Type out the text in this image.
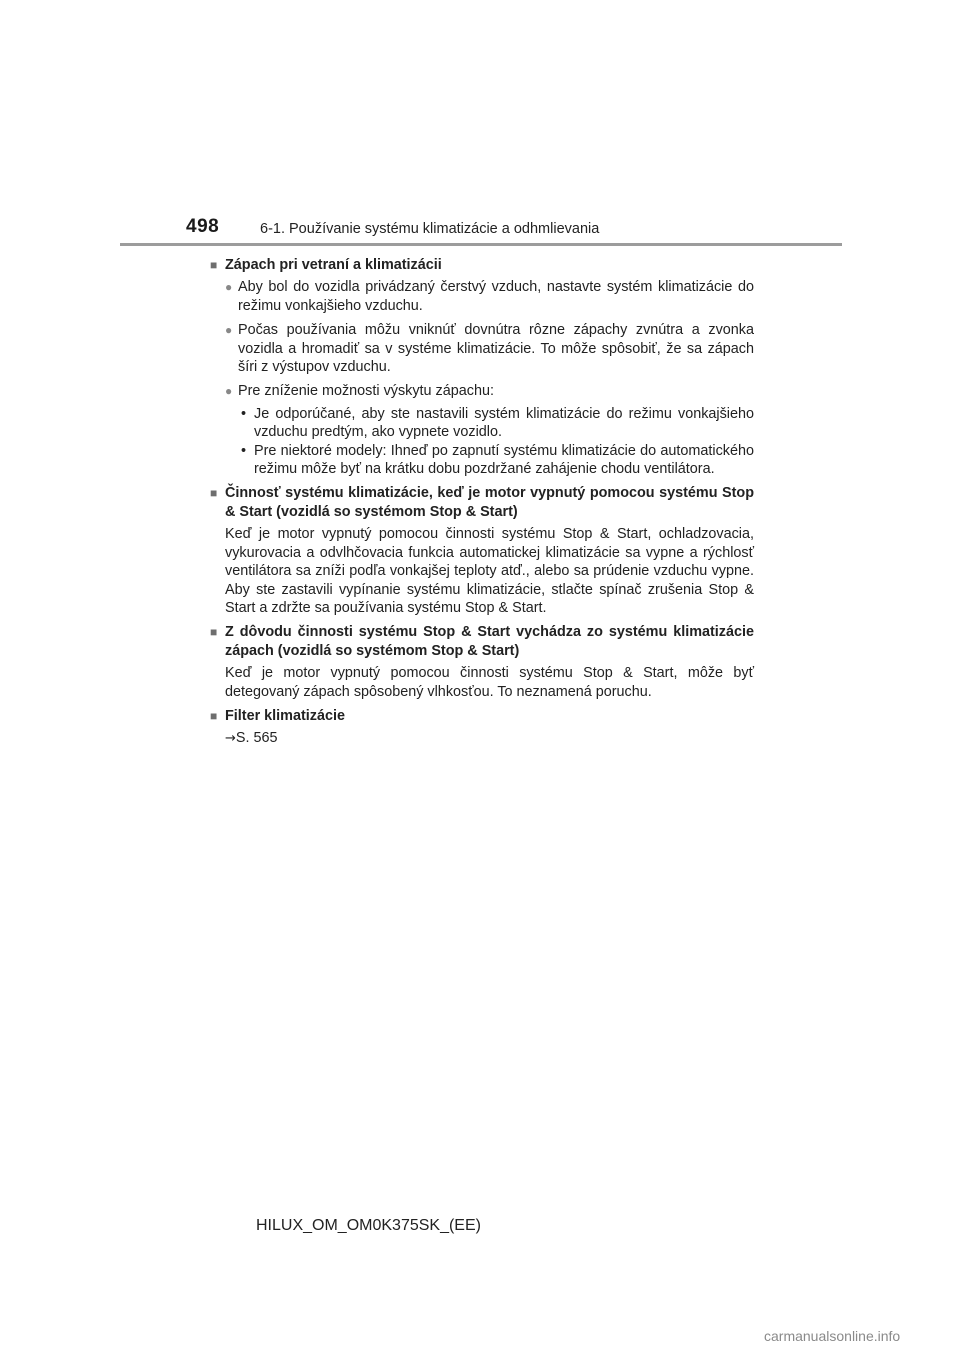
498	6-1. Používanie systému klimatizácie a odhmlievania
■ Zápach pri vetraní a klimatizácii
● Aby bol do vozidla privádzaný čerstvý vzduch, nastavte systém klimatizácie do režimu vonkajšieho vzduchu.
● Počas používania môžu vniknúť dovnútra rôzne zápachy zvnútra a zvonka vozidla a hromadiť sa v systéme klimatizácie. To môže spôsobiť, že sa zápach šíri z výstupov vzduchu.
● Pre zníženie možnosti výskytu zápachu:
• Je odporúčané, aby ste nastavili systém klimatizácie do režimu vonkajšieho vzduchu predtým, ako vypnete vozidlo.
• Pre niektoré modely: Ihneď po zapnutí systému klimatizácie do automatického režimu môže byť na krátku dobu pozdržané zahájenie chodu ventilátora.
■ Činnosť systému klimatizácie, keď je motor vypnutý pomocou systému Stop & Start (vozidlá so systémom Stop & Start)
Keď je motor vypnutý pomocou činnosti systému Stop & Start, ochladzovacia, vykurovacia a odvlhčovacia funkcia automatickej klimatizácie sa vypne a rýchlosť ventilátora sa zníži podľa vonkajšej teploty atď., alebo sa prúdenie vzduchu vypne. Aby ste zastavili vypínanie systému klimatizácie, stlačte spínač zrušenia Stop & Start a zdržte sa používania systému Stop & Start.
■ Z dôvodu činnosti systému Stop & Start vychádza zo systému klimatizácie zápach (vozidlá so systémom Stop & Start)
Keď je motor vypnutý pomocou činnosti systému Stop & Start, môže byť detegovaný zápach spôsobený vlhkosťou. To neznamená poruchu.
■ Filter klimatizácie
→S. 565
HILUX_OM_OM0K375SK_(EE)
carmanualsonline.info
